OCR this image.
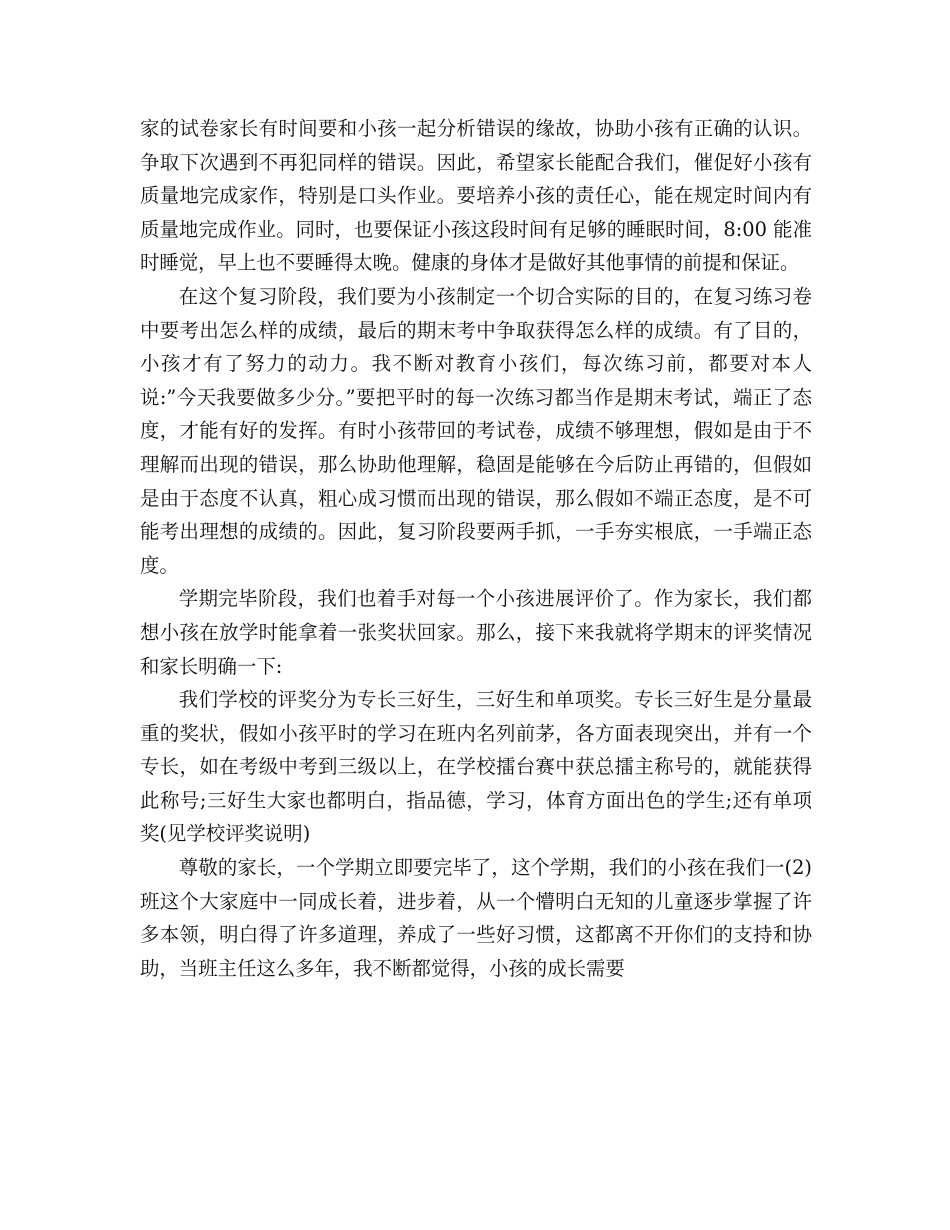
家的试卷家长有时间要和小孩一起分析错误的缘故，协助小孩有正确的认识。争取下次遇到不再犯同样的错误。因此，希望家长能配合我们，催促好小孩有质量地完成家作，特别是口头作业。要培养小孩的责任心，能在规定时间内有质量地完成作业。同时，也要保证小孩这段时间有足够的睡眠时间，8:00 能准时睡觉，早上也不要睡得太晚。健康的身体才是做好其他事情的前提和保证。

在这个复习阶段，我们要为小孩制定一个切合实际的目的，在复习练习卷中要考出怎么样的成绩，最后的期末考中争取获得怎么样的成绩。有了目的，小孩才有了努力的动力。我不断对教育小孩们，每次练习前，都要对本人说:”今天我要做多少分。”要把平时的每一次练习都当作是期末考试，端正了态度，才能有好的发挥。有时小孩带回的考试卷，成绩不够理想，假如是由于不理解而出现的错误，那么协助他理解，稳固是能够在今后防止再错的，但假如是由于态度不认真，粗心成习惯而出现的错误，那么假如不端正态度，是不可能考出理想的成绩的。因此，复习阶段要两手抓，一手夯实根底，一手端正态度。

学期完毕阶段，我们也着手对每一个小孩进展评价了。作为家长，我们都想小孩在放学时能拿着一张奖状回家。那么，接下来我就将学期末的评奖情况和家长明确一下:

我们学校的评奖分为专长三好生，三好生和单项奖。专长三好生是分量最重的奖状，假如小孩平时的学习在班内名列前茅，各方面表现突出，并有一个专长，如在考级中考到三级以上，在学校擂台赛中获总擂主称号的，就能获得此称号;三好生大家也都明白，指品德，学习，体育方面出色的学生;还有单项奖(见学校评奖说明)

尊敬的家长，一个学期立即要完毕了，这个学期，我们的小孩在我们一(2)班这个大家庭中一同成长着，进步着，从一个懵明白无知的儿童逐步掌握了许多本领，明白得了许多道理，养成了一些好习惯，这都离不开你们的支持和协助，当班主任这么多年，我不断都觉得，小孩的成长需要
